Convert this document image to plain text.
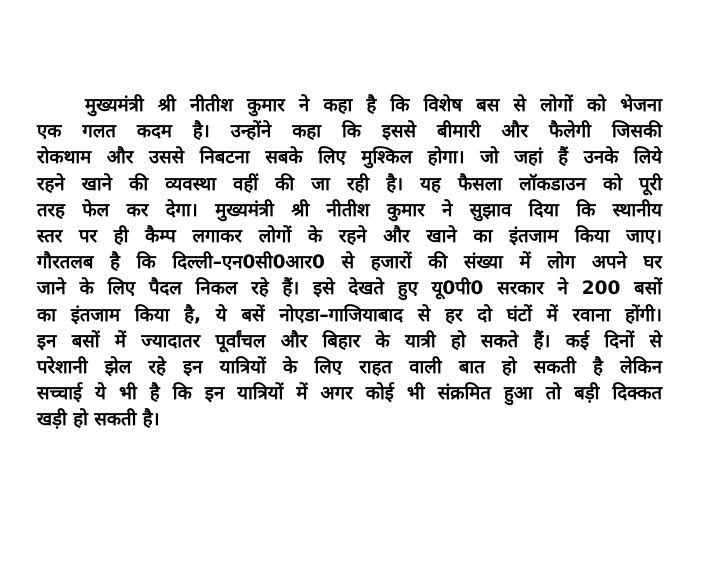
मुख्यमंत्री श्री नीतीश कुमार ने कहा है कि विशेष बस से लोगों को भेजना
एक गलत कदम है। उन्होंने कहा कि इससे बीमारी और फैलेगी जिसकी
रोकथाम और उससे निबटना सबके लिए मुश्किल होगा। जो जहां हैं उनके लिये
रहने खाने की व्यवस्था वहीं की जा रही है। यह फैसला लॉकडाउन को पूरी
तरह फेल कर देगा। मुख्यमंत्री श्री नीतीश कुमार ने सुझाव दिया कि स्थानीय
स्तर पर ही कैम्प लगाकर लोगों के रहने और खाने का इंतजाम किया जाए।
गौरतलब है कि दिल्ली–एन0सी0आर0 से हजारों की संख्या में लोग अपने घर
जाने के लिए पैदल निकल रहे हैं। इसे देखते हुए यू0पी0 सरकार ने 200 बसों
का इंतजाम किया है, ये बसें नोएडा–गाजियाबाद से हर दो घंटों में रवाना होंगी।
इन बसों में ज्यादातर पूर्वांचल और बिहार के यात्री हो सकते हैं। कई दिनों से
परेशानी झेल रहे इन यात्रियों के लिए राहत वाली बात हो सकती है लेकिन
सच्चाई ये भी है कि इन यात्रियों में अगर कोई भी संक्रमित हुआ तो बड़ी दिक्कत
खड़ी हो सकती है।
